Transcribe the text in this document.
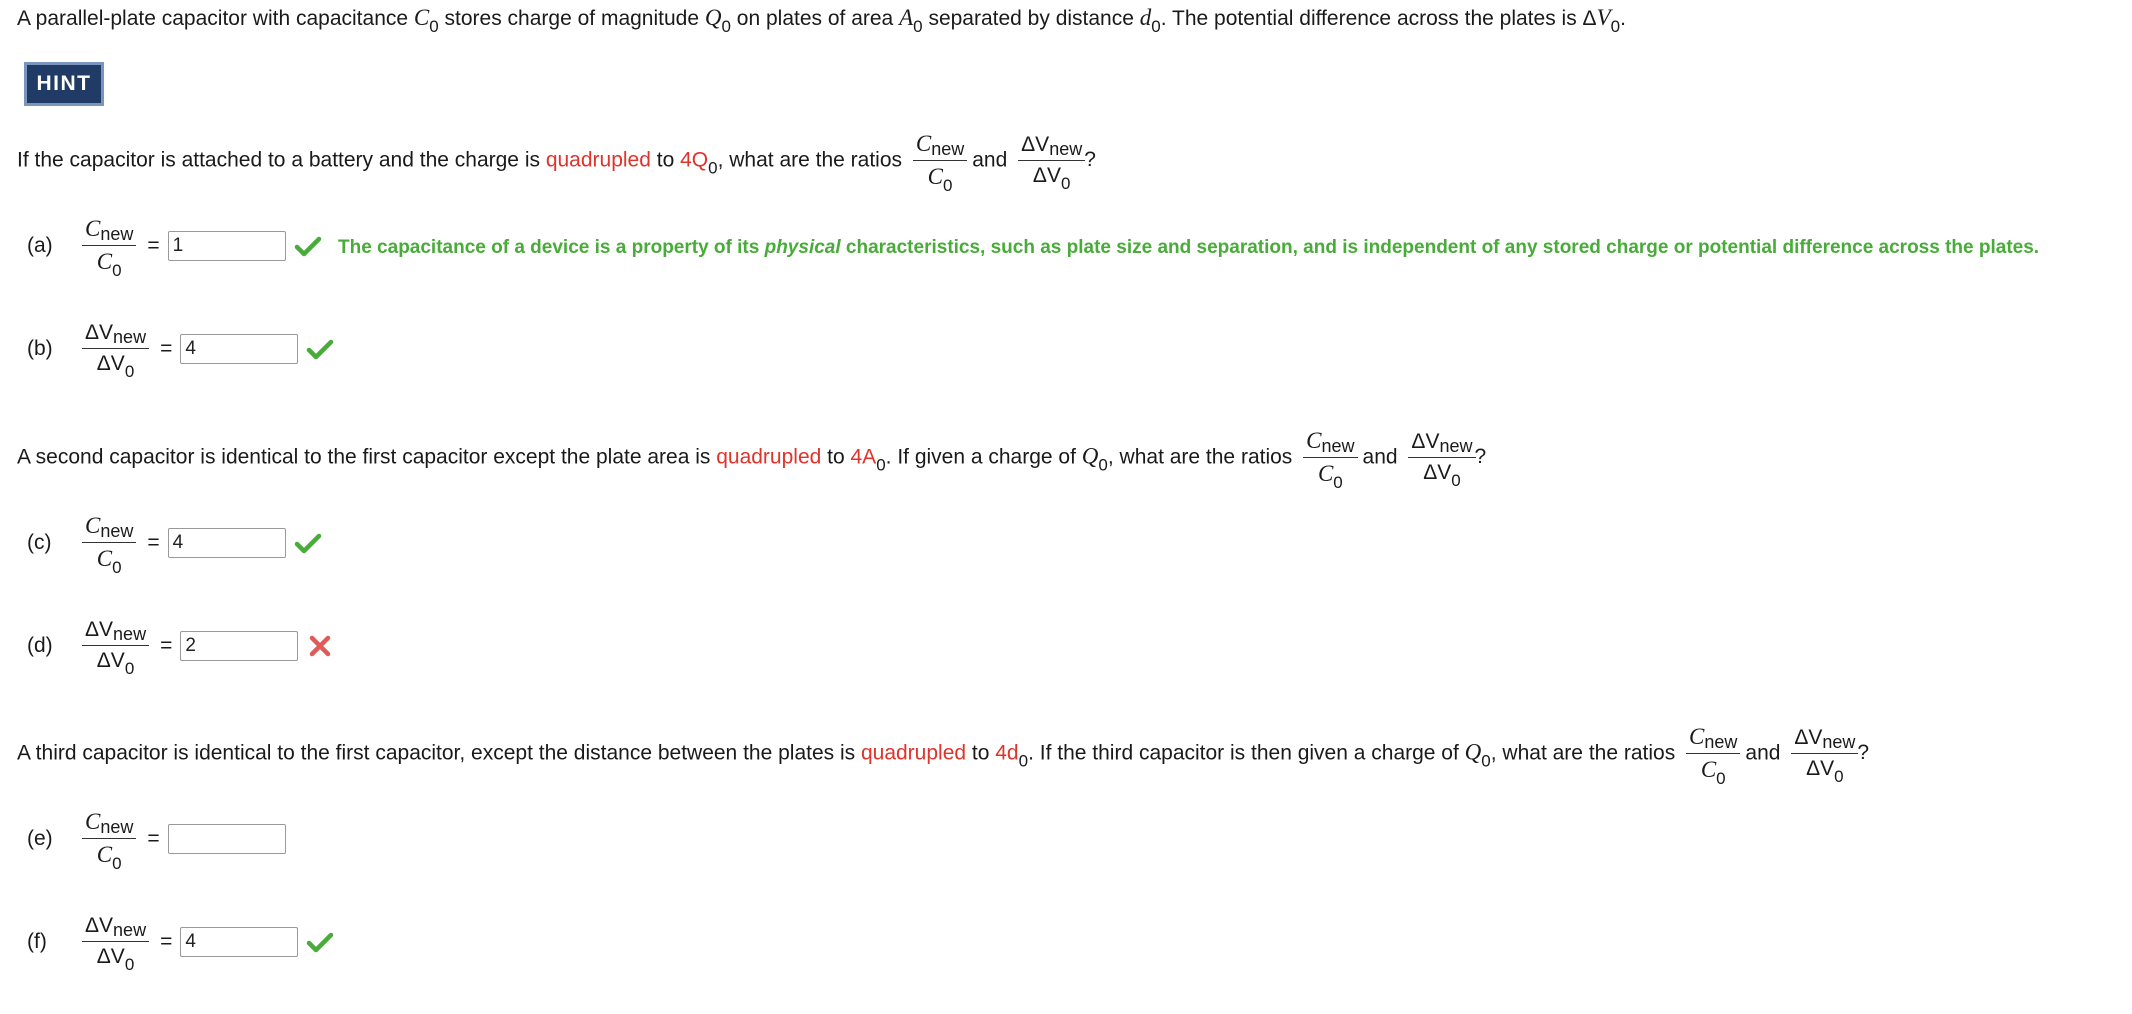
A parallel-plate capacitor with capacitance $C_0$ stores charge of magnitude $Q_0$ on plates of area $A_0$ separated by distance $d_0$. The potential difference across the plates is $\Delta V_0$.
HINT
If the capacitor is attached to a battery and the charge is quadrupled to $4Q_0$, what are the ratios $\frac{C_{new}}{C_0}$ and $\frac{\Delta V_{new}}{\Delta V_0}$ ?
(a)	$\frac{C_{new}}{C_0}$ =
1	The capacitance of a device is a property of its physical characteristics, such as plate size and separation, and is independent of any stored charge or potential difference across the plates.
(b)	$\frac{\Delta V_{new}}{\Delta V_0}$ =
4
A second capacitor is identical to the first capacitor except the plate area is quadrupled to $4A_0$. If given a charge of $Q_0$, what are the ratios $\frac{C_{new}}{C_0}$ and $\frac{\Delta V_{new}}{\Delta V_0}$ ?
(c)	$\frac{C_{new}}{C_0}$ =
4
(d)	$\frac{\Delta V_{new}}{\Delta V_0}$ =
2
A third capacitor is identical to the first capacitor, except the distance between the plates is quadrupled to $4d_0$. If the third capacitor is then given a charge of $Q_0$, what are the ratios $\frac{C_{new}}{C_0}$ and $\frac{\Delta V_{new}}{\Delta V_0}$ ?
(e)	$\frac{C_{new}}{C_0}$ =
(f)	$\frac{\Delta V_{new}}{\Delta V_0}$ =
4
